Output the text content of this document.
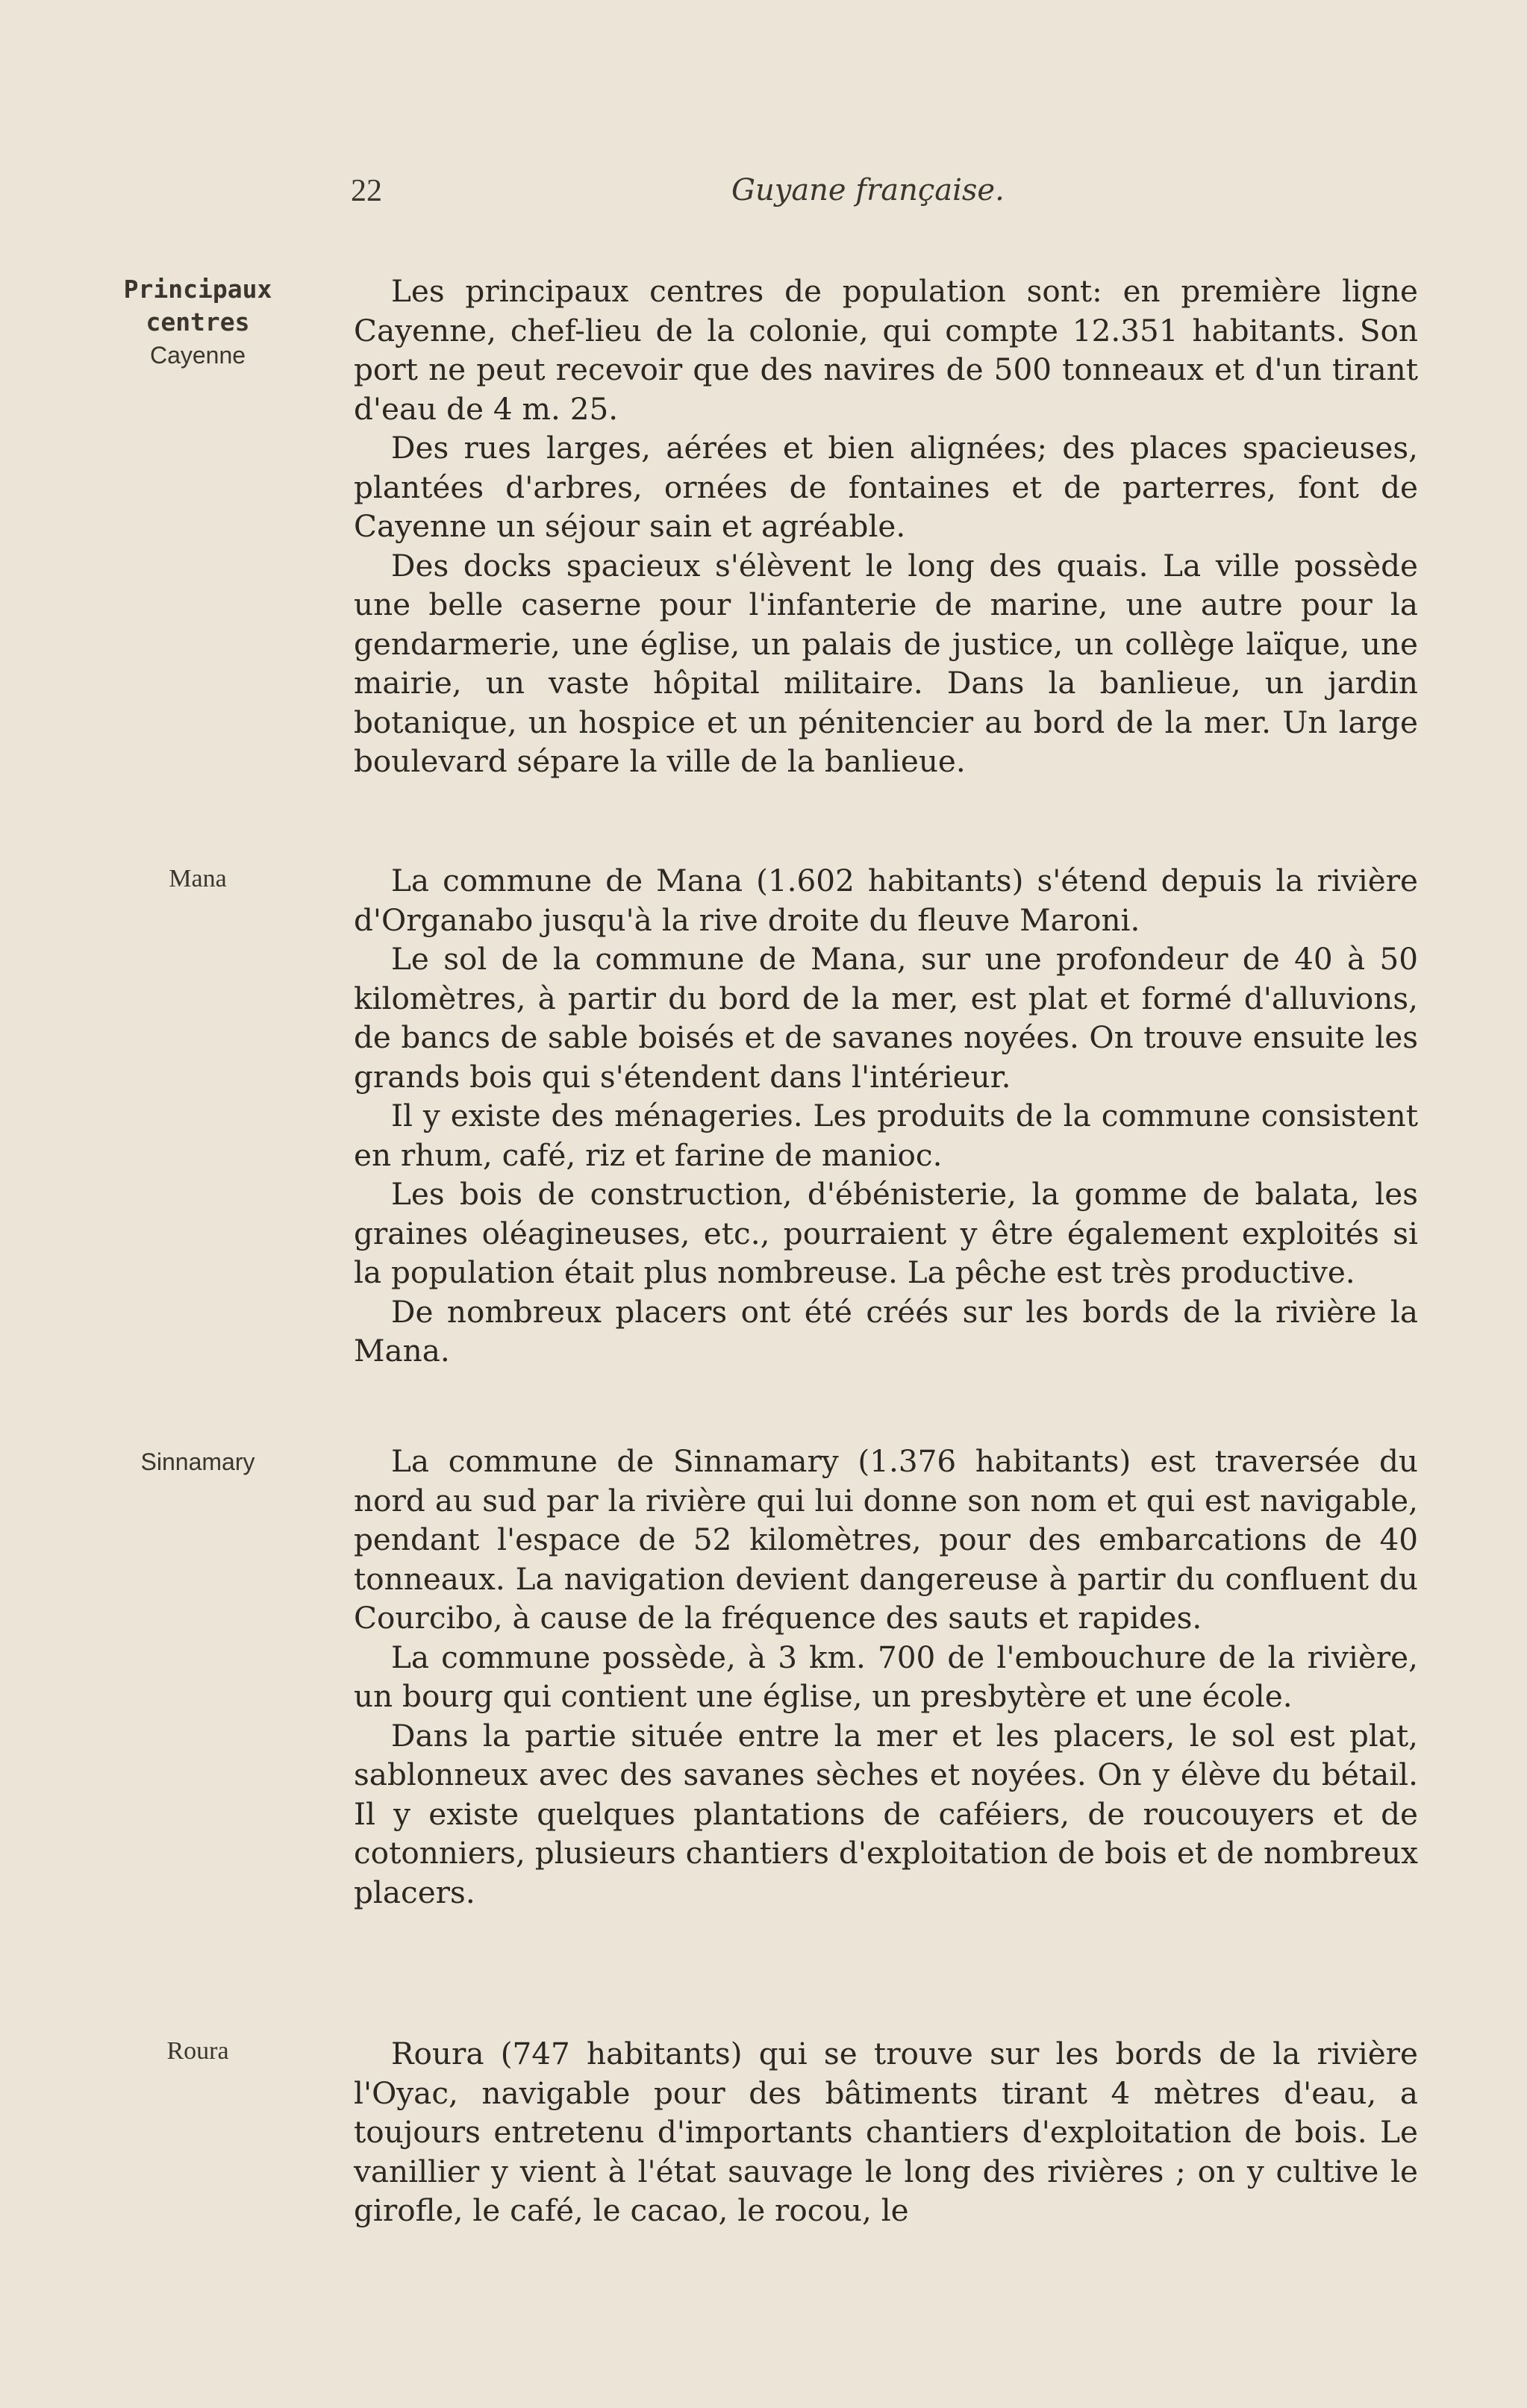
22	Guyane française.
Principaux
centres
Cayenne

Les principaux centres de population sont: en première ligne Cayenne, chef-lieu de la colonie, qui compte 12.351 habitants. Son port ne peut recevoir que des navires de 500 tonneaux et d'un tirant d'eau de 4 m. 25.

Des rues larges, aérées et bien alignées; des places spacieuses, plantées d'arbres, ornées de fontaines et de parterres, font de Cayenne un séjour sain et agréable.

Des docks spacieux s'élèvent le long des quais. La ville possède une belle caserne pour l'infanterie de marine, une autre pour la gendarmerie, une église, un palais de justice, un collège laïque, une mairie, un vaste hôpital militaire. Dans la banlieue, un jardin botanique, un hospice et un pénitencier au bord de la mer. Un large boulevard sépare la ville de la banlieue.

Mana	La commune de Mana (1.602 habitants) s'étend depuis la rivière d'Organabo jusqu'à la rive droite du fleuve Maroni.

Le sol de la commune de Mana, sur une profondeur de 40 à 50 kilomètres, à partir du bord de la mer, est plat et formé d'alluvions, de bancs de sable boisés et de savanes noyées. On trouve ensuite les grands bois qui s'étendent dans l'intérieur.

Il y existe des ménageries. Les produits de la commune consistent en rhum, café, riz et farine de manioc.

Les bois de construction, d'ébénisterie, la gomme de balata, les graines oléagineuses, etc., pourraient y être également exploités si la population était plus nombreuse. La pêche est très productive.

De nombreux placers ont été créés sur les bords de la rivière la Mana.

Sinnamary	La commune de Sinnamary (1.376 habitants) est traversée du nord au sud par la rivière qui lui donne son nom et qui est navigable, pendant l'espace de 52 kilomètres, pour des embarcations de 40 tonneaux. La navigation devient dangereuse à partir du confluent du Courcibo, à cause de la fréquence des sauts et rapides.

La commune possède, à 3 km. 700 de l'embouchure de la rivière, un bourg qui contient une église, un presbytère et une école.

Dans la partie située entre la mer et les placers, le sol est plat, sablonneux avec des savanes sèches et noyées. On y élève du bétail. Il y existe quelques plantations de caféiers, de roucouyers et de cotonniers, plusieurs chantiers d'exploitation de bois et de nombreux placers.

Roura	Roura (747 habitants) qui se trouve sur les bords de la rivière l'Oyac, navigable pour des bâtiments tirant 4 mètres d'eau, a toujours entretenu d'importants chantiers d'exploitation de bois. Le vanillier y vient à l'état sauvage le long des rivières ; on y cultive le girofle, le café, le cacao, le rocou, le
